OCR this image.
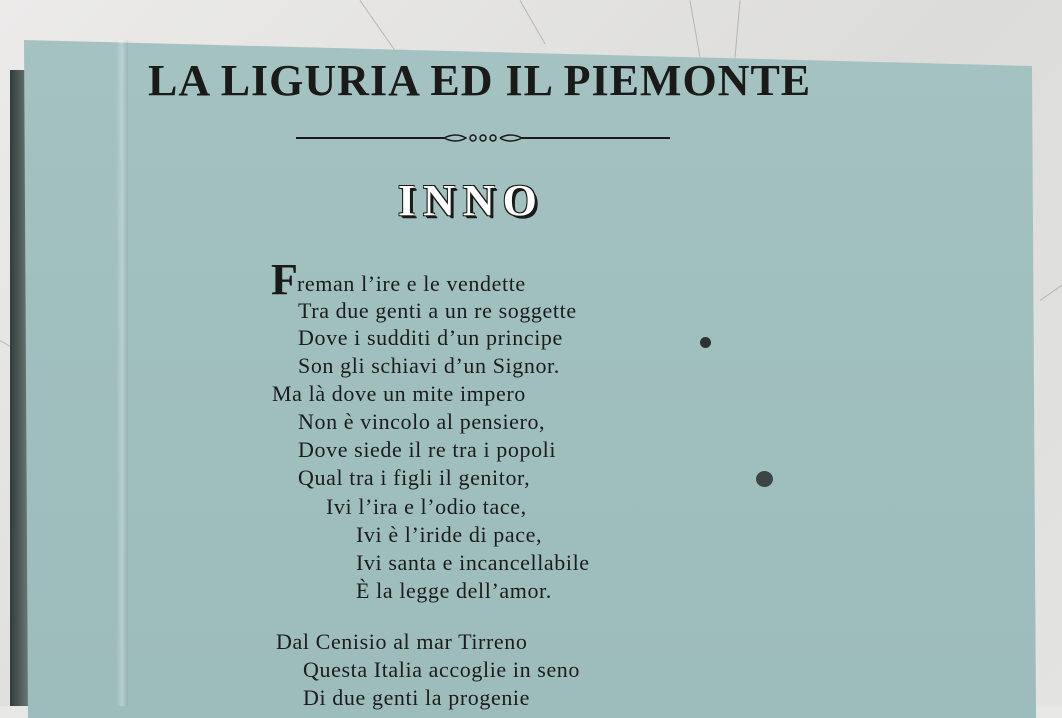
LA LIGURIA ED IL PIEMONTE
INNO
F reman l’ire e le vendette
Tra due genti a un re soggette
Dove i sudditi d’un principe
Son gli schiavi d’un Signor.
Ma là dove un mite impero
Non è vincolo al pensiero,
Dove siede il re tra i popoli
Qual tra i figli il genitor,
Ivi l’ira e l’odio tace,
Ivi è l’iride di pace,
Ivi santa e incancellabile
È la legge dell’amor.
Dal Cenisio al mar Tirreno
Questa Italia accoglie in seno
Di due genti la progenie
